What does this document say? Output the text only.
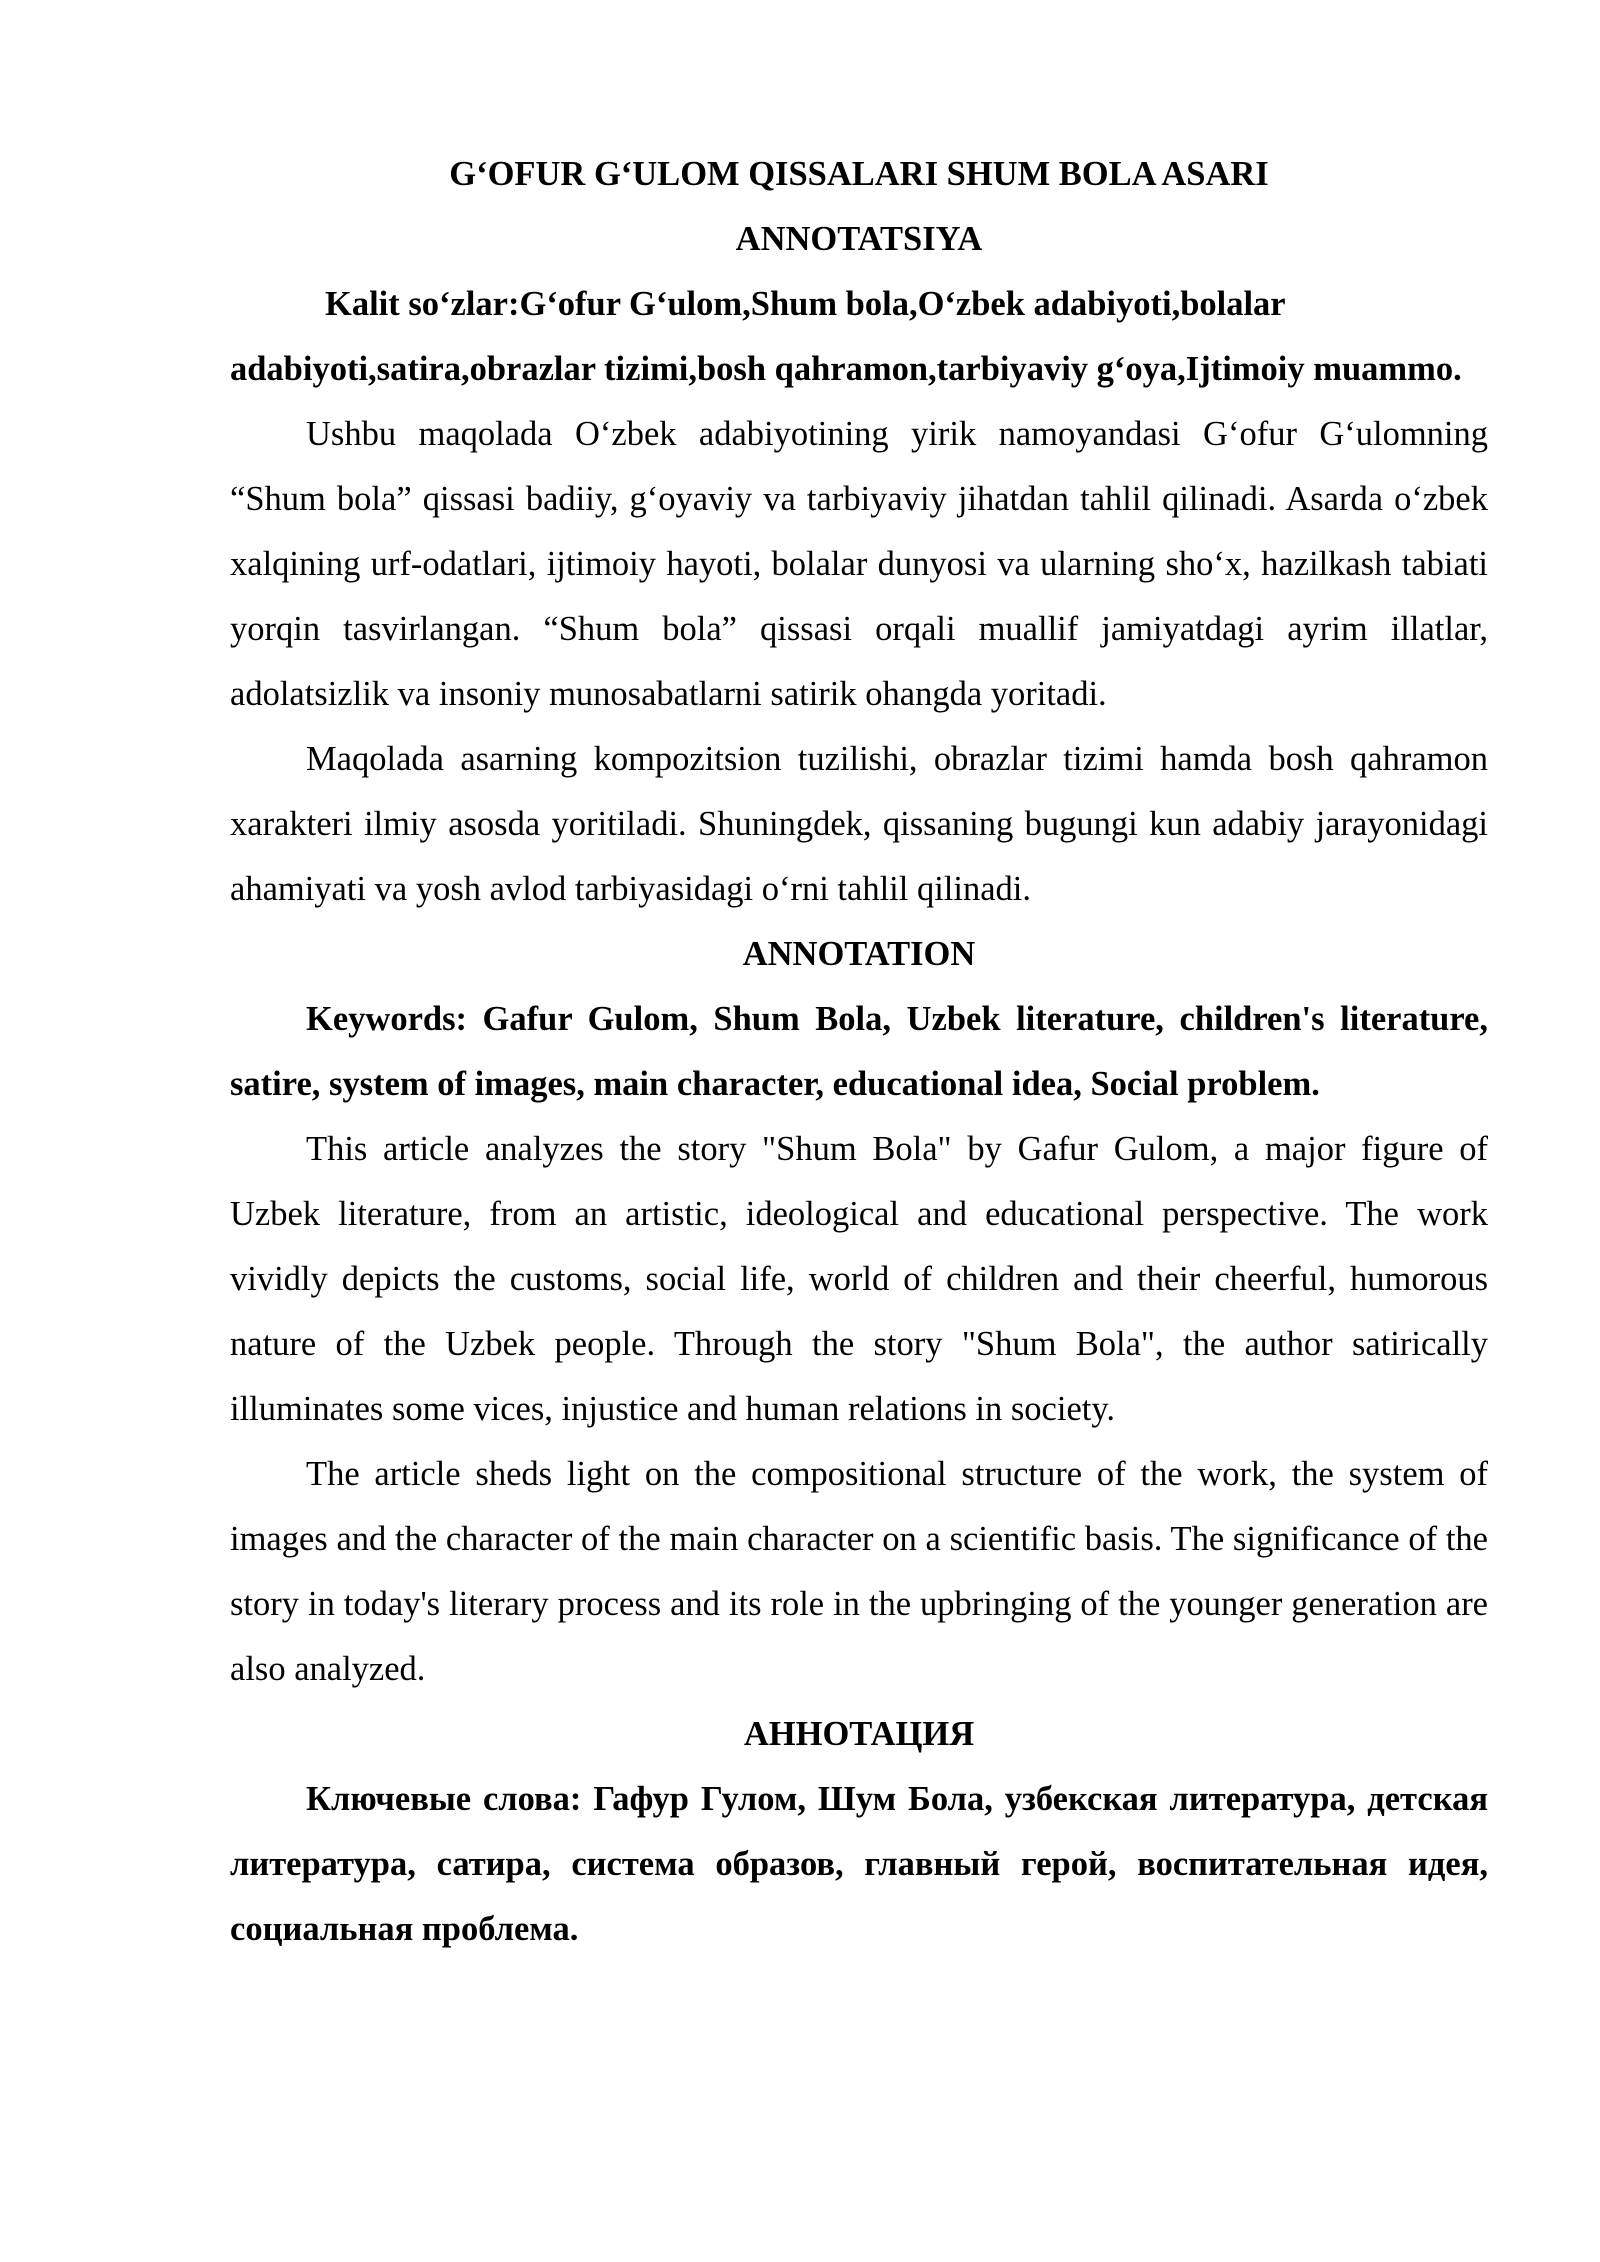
G‘OFUR G‘ULOM QISSALARI SHUM BOLA ASARI

ANNOTATSIYA

Kalit so‘zlar:G‘ofur G‘ulom,Shum bola,O‘zbek adabiyoti,bolalar adabiyoti,satira,obrazlar tizimi,bosh qahramon,tarbiyaviy g‘oya,Ijtimoiy muammo.

Ushbu maqolada O‘zbek adabiyotining yirik namoyandasi G‘ofur G‘ulomning “Shum bola” qissasi badiiy, g‘oyaviy va tarbiyaviy jihatdan tahlil qilinadi. Asarda o‘zbek xalqining urf-odatlari, ijtimoiy hayoti, bolalar dunyosi va ularning sho‘x, hazilkash tabiati yorqin tasvirlangan. “Shum bola” qissasi orqali muallif jamiyatdagi ayrim illatlar, adolatsizlik va insoniy munosabatlarni satirik ohangda yoritadi.

Maqolada asarning kompozitsion tuzilishi, obrazlar tizimi hamda bosh qahramon xarakteri ilmiy asosda yoritiladi. Shuningdek, qissaning bugungi kun adabiy jarayonidagi ahamiyati va yosh avlod tarbiyasidagi o‘rni tahlil qilinadi.

ANNOTATION

Keywords: Gafur Gulom, Shum Bola, Uzbek literature, children's literature, satire, system of images, main character, educational idea, Social problem.

This article analyzes the story "Shum Bola" by Gafur Gulom, a major figure of Uzbek literature, from an artistic, ideological and educational perspective. The work vividly depicts the customs, social life, world of children and their cheerful, humorous nature of the Uzbek people. Through the story "Shum Bola", the author satirically illuminates some vices, injustice and human relations in society.

The article sheds light on the compositional structure of the work, the system of images and the character of the main character on a scientific basis. The significance of the story in today's literary process and its role in the upbringing of the younger generation are also analyzed.

АННОТАЦИЯ

Ключевые слова: Гафур Гулом, Шум Бола, узбекская литература, детская литература, сатира, система образов, главный герой, воспитательная идея, социальная проблема.
